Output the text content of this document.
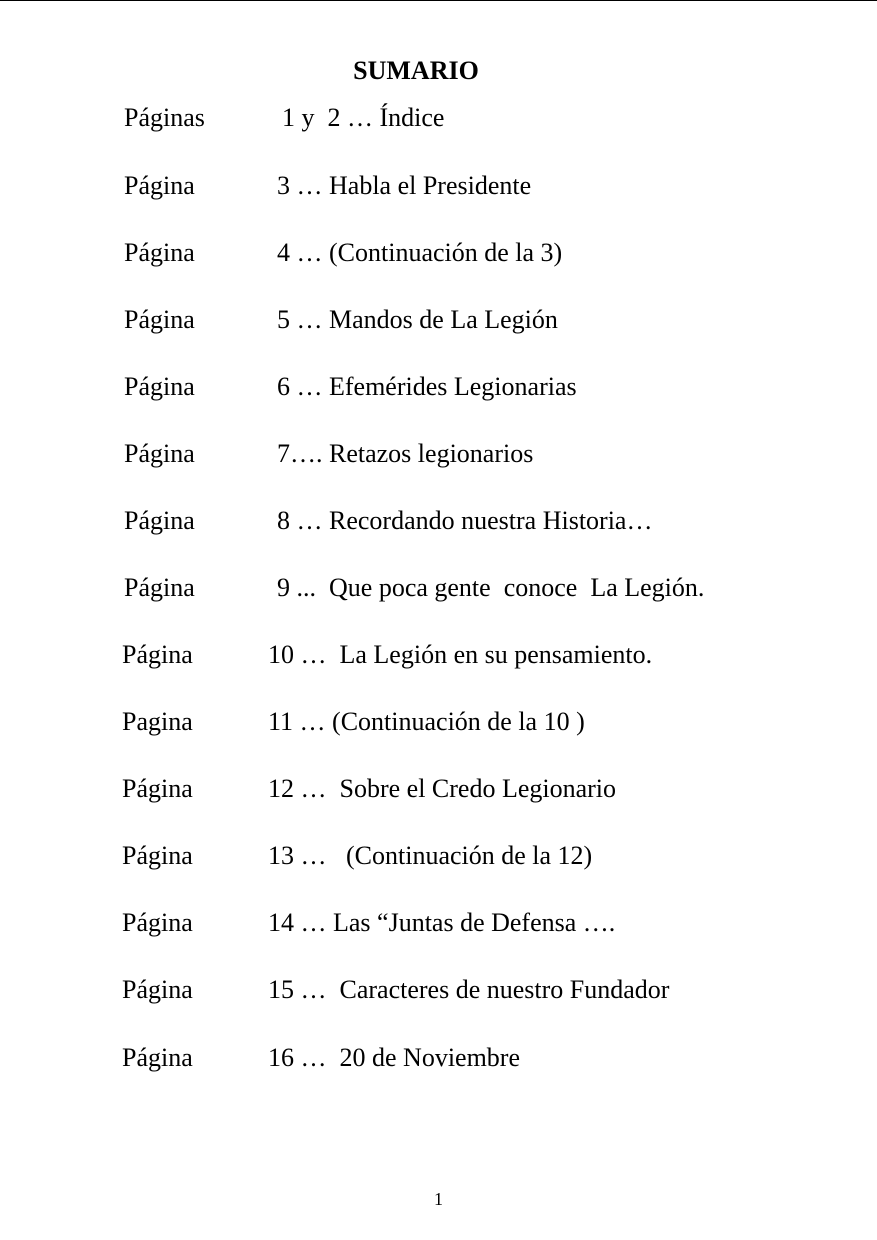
SUMARIO
Páginas	1 y  2 … Índice
Página	3 … Habla el Presidente
Página	4 … (Continuación de la 3)
Página	5 … Mandos de La Legión
Página	6 … Efemérides Legionarias
Página	7…. Retazos legionarios
Página	8 … Recordando nuestra Historia…
Página	9 ...  Que poca gente  conoce  La Legión.
Página	10 …  La Legión en su pensamiento.
Pagina	11 … (Continuación de la 10 )
Página	12 …  Sobre el Credo Legionario
Página	13 …   (Continuación de la 12)
Página	14 … Las “Juntas de Defensa ….
Página	15 …  Caracteres de nuestro Fundador
Página	16 …  20 de Noviembre
1
